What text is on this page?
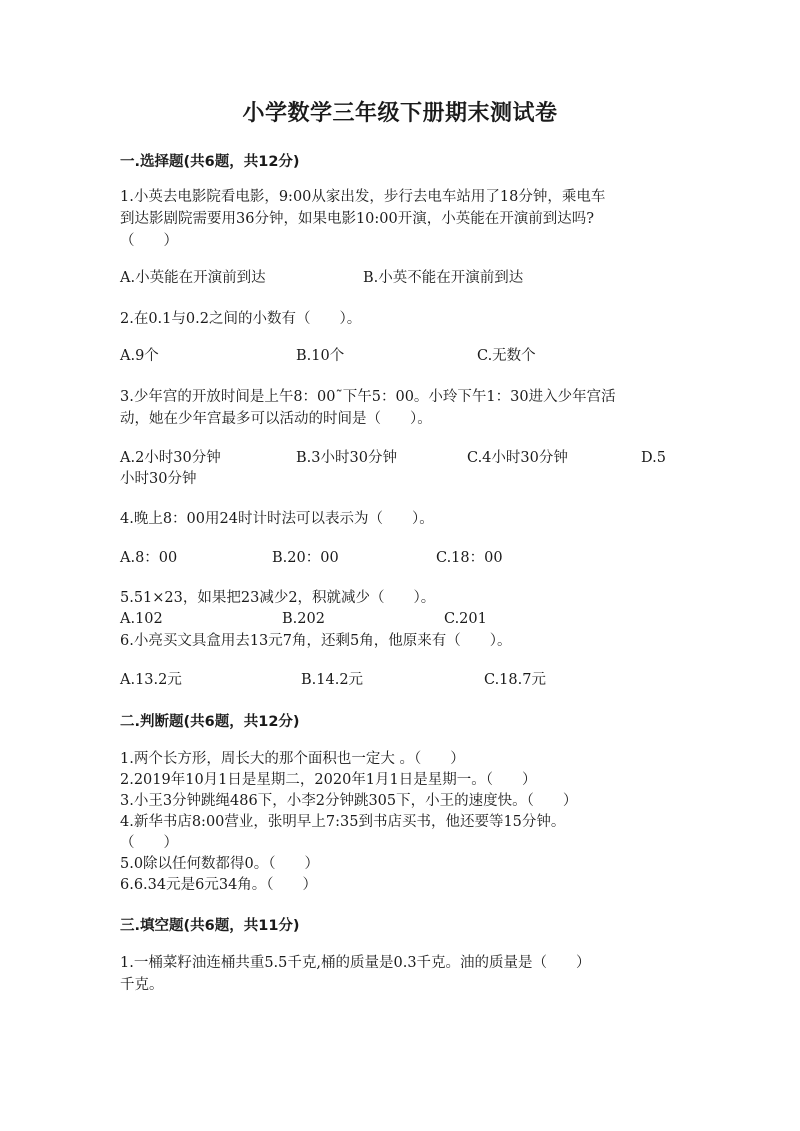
小学数学三年级下册期末测试卷
一.选择题(共6题，共12分)
1.小英去电影院看电影，9:00从家出发，步行去电车站用了18分钟，乘电车
到达影剧院需要用36分钟，如果电影10:00开演，小英能在开演前到达吗?
（　　）
A.小英能在开演前到达	B.小英不能在开演前到达
2.在0.1与0.2之间的小数有（　　）。
A.9个	B.10个	C.无数个
3.少年宫的开放时间是上午8：00˜下午5：00。小玲下午1：30进入少年宫活
动，她在少年宫最多可以活动的时间是（　　）。
A.2小时30分钟	B.3小时30分钟	C.4小时30分钟	D.5
小时30分钟
4.晚上8：00用24时计时法可以表示为（　　）。
A.8：00	B.20：00	C.18：00
5.51×23，如果把23减少2，积就减少（　　）。
A.102	B.202	C.201
6.小亮买文具盒用去13元7角，还剩5角，他原来有（　　）。
A.13.2元	B.14.2元	C.18.7元
二.判断题(共6题，共12分)
1.两个长方形，周长大的那个面积也一定大 。（　　）
2.2019年10月1日是星期二，2020年1月1日是星期一。（　　）
3.小王3分钟跳绳486下，小李2分钟跳305下，小王的速度快。（　　）
4.新华书店8:00营业，张明早上7:35到书店买书，他还要等15分钟。
（　　）
5.0除以任何数都得0。（　　）
6.6.34元是6元34角。（　　）
三.填空题(共6题，共11分)
1.一桶菜籽油连桶共重5.5千克,桶的质量是0.3千克。油的质量是（　　）
千克。
